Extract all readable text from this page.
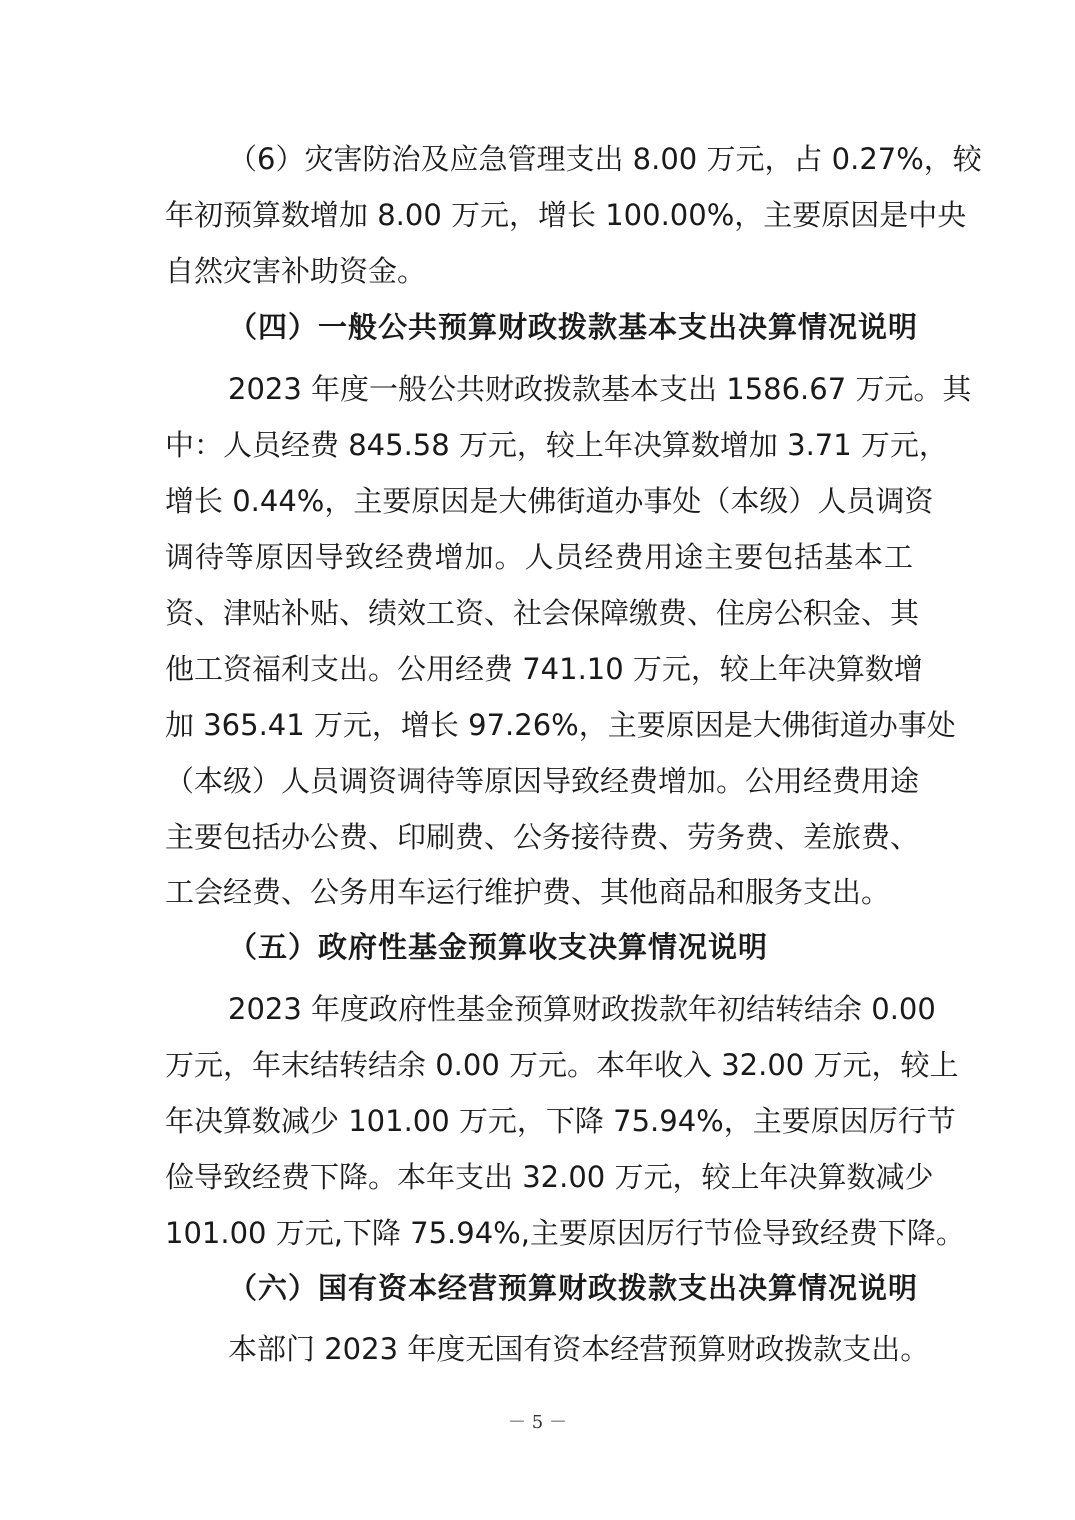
（6）灾害防治及应急管理支出 8.00 万元，占 0.27%，较
年初预算数增加 8.00 万元，增长 100.00%，主要原因是中央
自然灾害补助资金。
（四）一般公共预算财政拨款基本支出决算情况说明
2023 年度一般公共财政拨款基本支出 1586.67 万元。其
中：人员经费 845.58 万元，较上年决算数增加 3.71 万元，
增长 0.44%，主要原因是大佛街道办事处（本级）人员调资
调待等原因导致经费增加。人员经费用途主要包括基本工
资、津贴补贴、绩效工资、社会保障缴费、住房公积金、其
他工资福利支出。公用经费 741.10 万元，较上年决算数增
加 365.41 万元，增长 97.26%，主要原因是大佛街道办事处
（本级）人员调资调待等原因导致经费增加。公用经费用途
主要包括办公费、印刷费、公务接待费、劳务费、差旅费、
工会经费、公务用车运行维护费、其他商品和服务支出。
（五）政府性基金预算收支决算情况说明
2023 年度政府性基金预算财政拨款年初结转结余 0.00
万元，年末结转结余 0.00 万元。本年收入 32.00 万元，较上
年决算数减少 101.00 万元，下降 75.94%，主要原因厉行节
俭导致经费下降。本年支出 32.00 万元，较上年决算数减少
101.00 万元,下降 75.94%,主要原因厉行节俭导致经费下降。
（六）国有资本经营预算财政拨款支出决算情况说明
本部门 2023 年度无国有资本经营预算财政拨款支出。
－ 5 －
